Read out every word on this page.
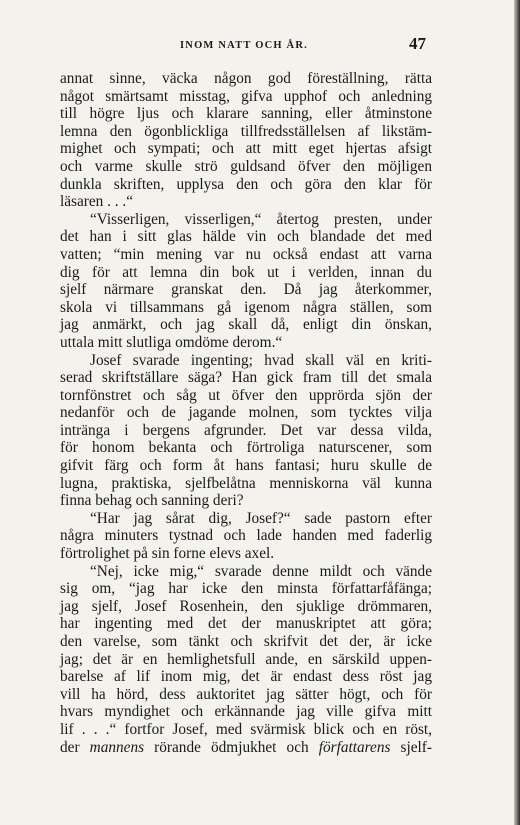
INOM NATT OCH ÅR.	47
annat sinne, väcka någon god föreställning, rätta
något smärtsamt misstag, gifva upphof och anledning
till högre ljus och klarare sanning, eller åtminstone
lemna den ögonblickliga tillfredsställelsen af likstäm-
mighet och sympati; och att mitt eget hjertas afsigt
och varme skulle strö guldsand öfver den möjligen
dunkla skriften, upplysa den och göra den klar för
läsaren . . .“
“Visserligen, visserligen,“ återtog presten, under
det han i sitt glas hälde vin och blandade det med
vatten; “min mening var nu också endast att varna
dig för att lemna din bok ut i verlden, innan du
sjelf närmare granskat den. Då jag återkommer,
skola vi tillsammans gå igenom några ställen, som
jag anmärkt, och jag skall då, enligt din önskan,
uttala mitt slutliga omdöme derom.“
Josef svarade ingenting; hvad skall väl en kriti-
serad skriftställare säga? Han gick fram till det smala
tornfönstret och såg ut öfver den upprörda sjön der
nedanför och de jagande molnen, som tycktes vilja
intränga i bergens afgrunder. Det var dessa vilda,
för honom bekanta och förtroliga naturscener, som
gifvit färg och form åt hans fantasi; huru skulle de
lugna, praktiska, sjelfbelåtna menniskorna väl kunna
finna behag och sanning deri?
“Har jag sårat dig, Josef?“ sade pastorn efter
några minuters tystnad och lade handen med faderlig
förtrolighet på sin forne elevs axel.
“Nej, icke mig,“ svarade denne mildt och vände
sig om, “jag har icke den minsta författarfåfänga;
jag sjelf, Josef Rosenhein, den sjuklige drömmaren,
har ingenting med det der manuskriptet att göra;
den varelse, som tänkt och skrifvit det der, är icke
jag; det är en hemlighetsfull ande, en särskild uppen-
barelse af lif inom mig, det är endast dess röst jag
vill ha hörd, dess auktoritet jag sätter högt, och för
hvars myndighet och erkännande jag ville gifva mitt
lif . . .“ fortfor Josef, med svärmisk blick och en röst,
der mannens rörande ödmjukhet och författarens sjelf-
